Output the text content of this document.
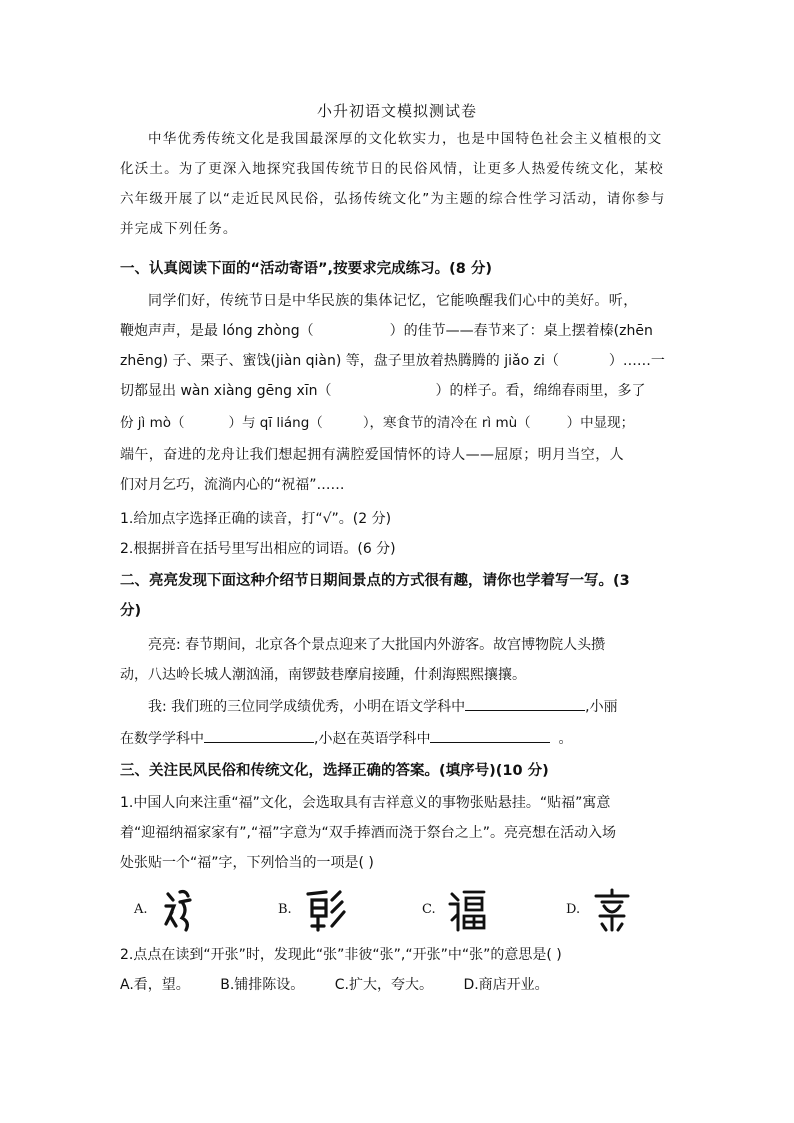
小升初语文模拟测试卷
中华优秀传统文化是我国最深厚的文化软实力，也是中国特色社会主义植根的文化沃土。为了更深入地探究我国传统节日的民俗风情，让更多人热爱传统文化，某校六年级开展了以“走近民风民俗，弘扬传统文化”为主题的综合性学习活动，请你参与并完成下列任务。
一、认真阅读下面的“活动寄语”,按要求完成练习。(8 分)
同学们好，传统节日是中华民族的集体记忆，它能唤醒我们心中的美好。听，
鞭炮声声，是最 lóng zhòng（	）的佳节——春节来了：桌上摆着榛(zhēn
zhēng) 子、栗子、蜜饯(jiàn qiàn) 等，盘子里放着热腾腾的 jiǎo zi（	）……一
切都显出 wàn xiàng gēng xīn（	）的样子。看，绵绵春雨里，多了
份 jì mò（	）与 qī liáng（	），寒食节的清冷在 rì mù（	）中显现；
端午，奋进的龙舟让我们想起拥有满腔爱国情怀的诗人——屈原；明月当空，人
们对月乞巧，流淌内心的“祝福”……
1.给加点字选择正确的读音，打“√”。(2 分)
2.根据拼音在括号里写出相应的词语。(6 分)
二、亮亮发现下面这种介绍节日期间景点的方式很有趣，请你也学着写一写。(3
分)
亮亮: 春节期间，北京各个景点迎来了大批国内外游客。故宫博物院人头攒
动，八达岭长城人潮汹涌，南锣鼓巷摩肩接踵，什刹海熙熙攘攘。
我: 我们班的三位同学成绩优秀，小明在语文学科中	,小丽
在数学学科中	,小赵在英语学科中	。
三、关注民风民俗和传统文化，选择正确的答案。(填序号)(10 分)
1.中国人向来注重“福”文化，会选取具有吉祥意义的事物张贴悬挂。“贴福”寓意
着“迎福纳福家家有”,“福”字意为“双手捧酒而浇于祭台之上”。亮亮想在活动入场
处张贴一个“福”字，下列恰当的一项是( )
A.	B.	C.	D.
2.点点在读到“开张”时，发现此“张”非彼“张”,“开张”中“张”的意思是( )
A.看，望。 B.铺排陈设。 C.扩大，夸大。 D.商店开业。
